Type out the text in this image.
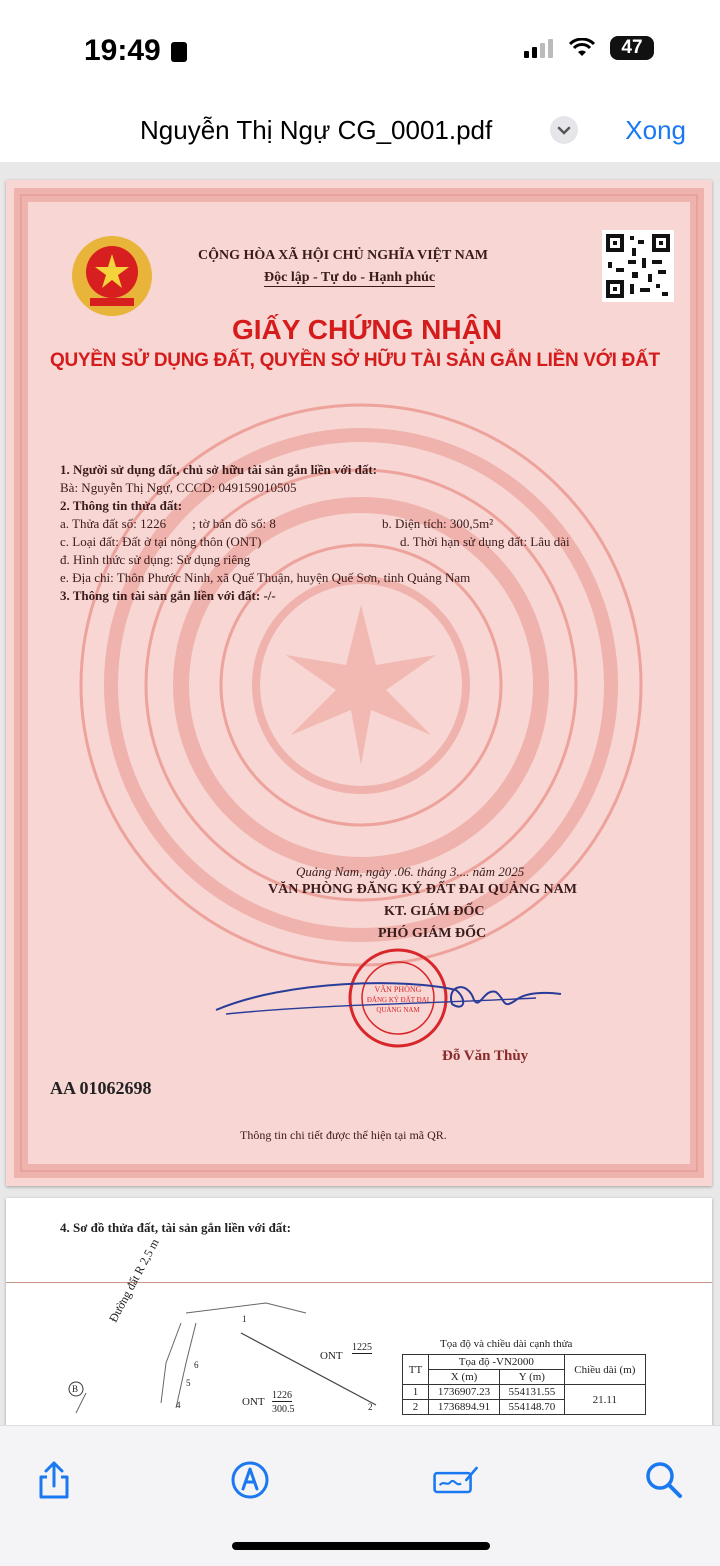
19:49	47
Nguyễn Thị Ngự CG_0001.pdf	Xong
CỘNG HÒA XÃ HỘI CHỦ NGHĨA VIỆT NAM
Độc lập - Tự do - Hạnh phúc
GIẤY CHỨNG NHẬN
QUYỀN SỬ DỤNG ĐẤT, QUYỀN SỞ HỮU TÀI SẢN GẮN LIỀN VỚI ĐẤT
1. Người sử dụng đất, chủ sở hữu tài sản gắn liền với đất:
Bà: Nguyễn Thị Ngự, CCCD: 049159010505
2. Thông tin thửa đất:
a. Thửa đất số: 1226        ; tờ bản đồ số: 8	b. Diện tích: 300,5m²
c. Loại đất: Đất ở tại nông thôn (ONT)	d. Thời hạn sử dụng đất: Lâu dài
đ. Hình thức sử dụng: Sử dụng riêng
e. Địa chỉ: Thôn Phước Ninh, xã Quế Thuận, huyện Quế Sơn, tỉnh Quảng Nam
3. Thông tin tài sản gắn liền với đất: -/-
Quảng Nam, ngày .06. tháng 3.... năm 2025
VĂN PHÒNG ĐĂNG KÝ ĐẤT ĐAI QUẢNG NAM
KT. GIÁM ĐỐC
PHÓ GIÁM ĐỐC
VĂN PHÒNG
ĐĂNG KÝ ĐẤT ĐAI
QUẢNG NAM
Đỗ Văn Thùy
AA 01062698
Thông tin chi tiết được thể hiện tại mã QR.
4. Sơ đồ thửa đất, tài sản gắn liền với đất:
Đường đất R 2,5 m	1
2
4
5
6
B
ONT
1225
ONT
1226
300.5
Tọa độ và chiều dài cạnh thửa
TT	Tọa độ -VN2000		Chiều dài (m)
	X (m)	Y (m)	
1	1736907.23	554131.55	21.11
2	1736894.91	554148.70	
